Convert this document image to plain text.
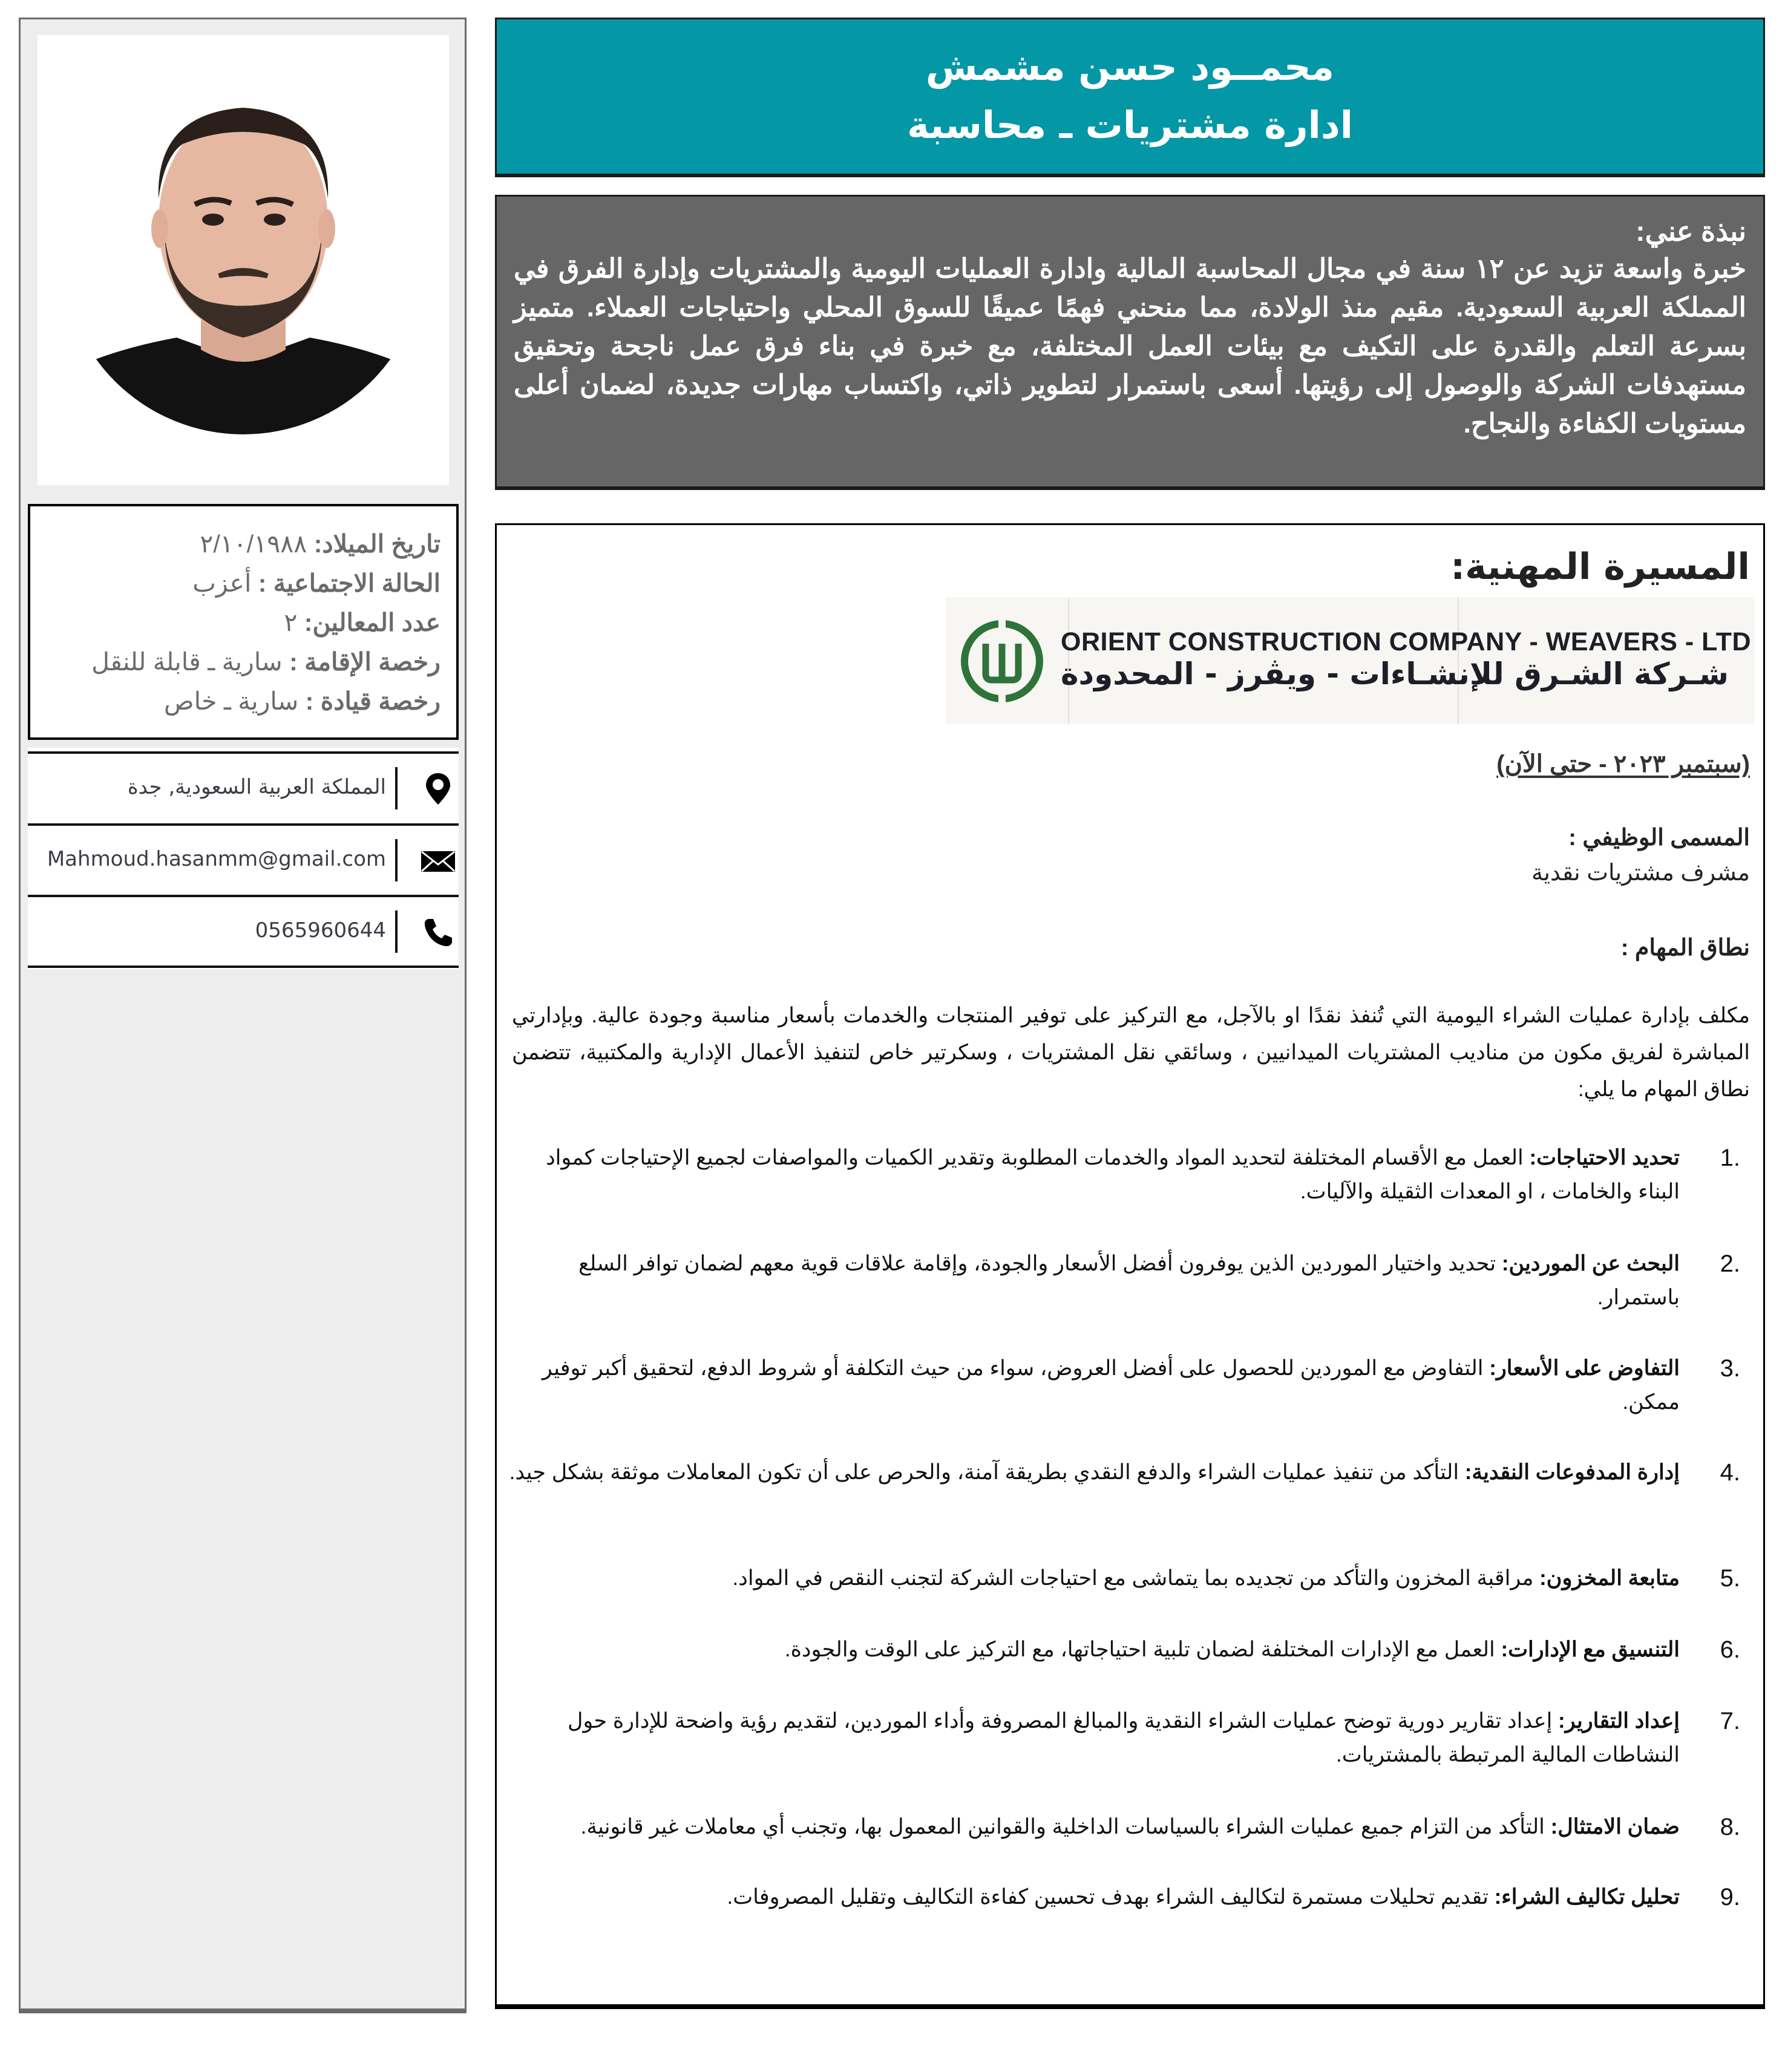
تاريخ الميلاد: ٢/١٠/١٩٨٨
الحالة الاجتماعية : أعزب
عدد المعالين: ٢
رخصة الإقامة : سارية ـ قابلة للنقل
رخصة قيادة : سارية ـ خاص
المملكة العربية السعودية, جدة
Mahmoud.hasanmm@gmail.com
0565960644
محمــود حسن مشمش
ادارة مشتريات ـ محاسبة
نبذة عني:
خبرة واسعة تزيد عن ١٢ سنة في مجال المحاسبة المالية وادارة العمليات اليومية والمشتريات وإدارة الفرق في المملكة العربية السعودية. مقيم منذ الولادة، مما منحني فهمًا عميقًا للسوق المحلي واحتياجات العملاء. متميز بسرعة التعلم والقدرة على التكيف مع بيئات العمل المختلفة، مع خبرة في بناء فرق عمل ناجحة وتحقيق مستهدفات الشركة والوصول إلى رؤيتها. أسعى باستمرار لتطوير ذاتي، واكتساب مهارات جديدة، لضمان أعلى مستويات الكفاءة والنجاح.
المسيرة المهنية:
ORIENT CONSTRUCTION COMPANY - WEAVERS - LTD
شـركة الشـرق للإنشـاءات - ويڤرز - المحدودة
(سبتمبر ٢٠٢٣ - حتى الآن)
المسمى الوظيفي :
مشرف مشتريات نقدية
نطاق المهام :
مكلف بإدارة عمليات الشراء اليومية التي تُنفذ نقدًا او بالآجل، مع التركيز على توفير المنتجات والخدمات بأسعار مناسبة وجودة عالية. وبإدارتي المباشرة لفريق مكون من مناديب المشتريات الميدانيين ، وسائقي نقل المشتريات ، وسكرتير خاص لتنفيذ الأعمال الإدارية والمكتبية، تتضمن نطاق المهام ما يلي:
1.
تحديد الاحتياجات: العمل مع الأقسام المختلفة لتحديد المواد والخدمات المطلوبة وتقدير الكميات والمواصفات لجميع الإحتياجات كمواد البناء والخامات ، او المعدات الثقيلة والآليات.
2.
البحث عن الموردين: تحديد واختيار الموردين الذين يوفرون أفضل الأسعار والجودة، وإقامة علاقات قوية معهم لضمان توافر السلع باستمرار.
3.
التفاوض على الأسعار: التفاوض مع الموردين للحصول على أفضل العروض، سواء من حيث التكلفة أو شروط الدفع، لتحقيق أكبر توفير ممكن.
4.
إدارة المدفوعات النقدية: التأكد من تنفيذ عمليات الشراء والدفع النقدي بطريقة آمنة، والحرص على أن تكون المعاملات موثقة بشكل جيد.
5.
متابعة المخزون: مراقبة المخزون والتأكد من تجديده بما يتماشى مع احتياجات الشركة لتجنب النقص في المواد.
6.
التنسيق مع الإدارات: العمل مع الإدارات المختلفة لضمان تلبية احتياجاتها، مع التركيز على الوقت والجودة.
7.
إعداد التقارير: إعداد تقارير دورية توضح عمليات الشراء النقدية والمبالغ المصروفة وأداء الموردين، لتقديم رؤية واضحة للإدارة حول النشاطات المالية المرتبطة بالمشتريات.
8.
ضمان الامتثال: التأكد من التزام جميع عمليات الشراء بالسياسات الداخلية والقوانين المعمول بها، وتجنب أي معاملات غير قانونية.
9.
تحليل تكاليف الشراء: تقديم تحليلات مستمرة لتكاليف الشراء بهدف تحسين كفاءة التكاليف وتقليل المصروفات.
